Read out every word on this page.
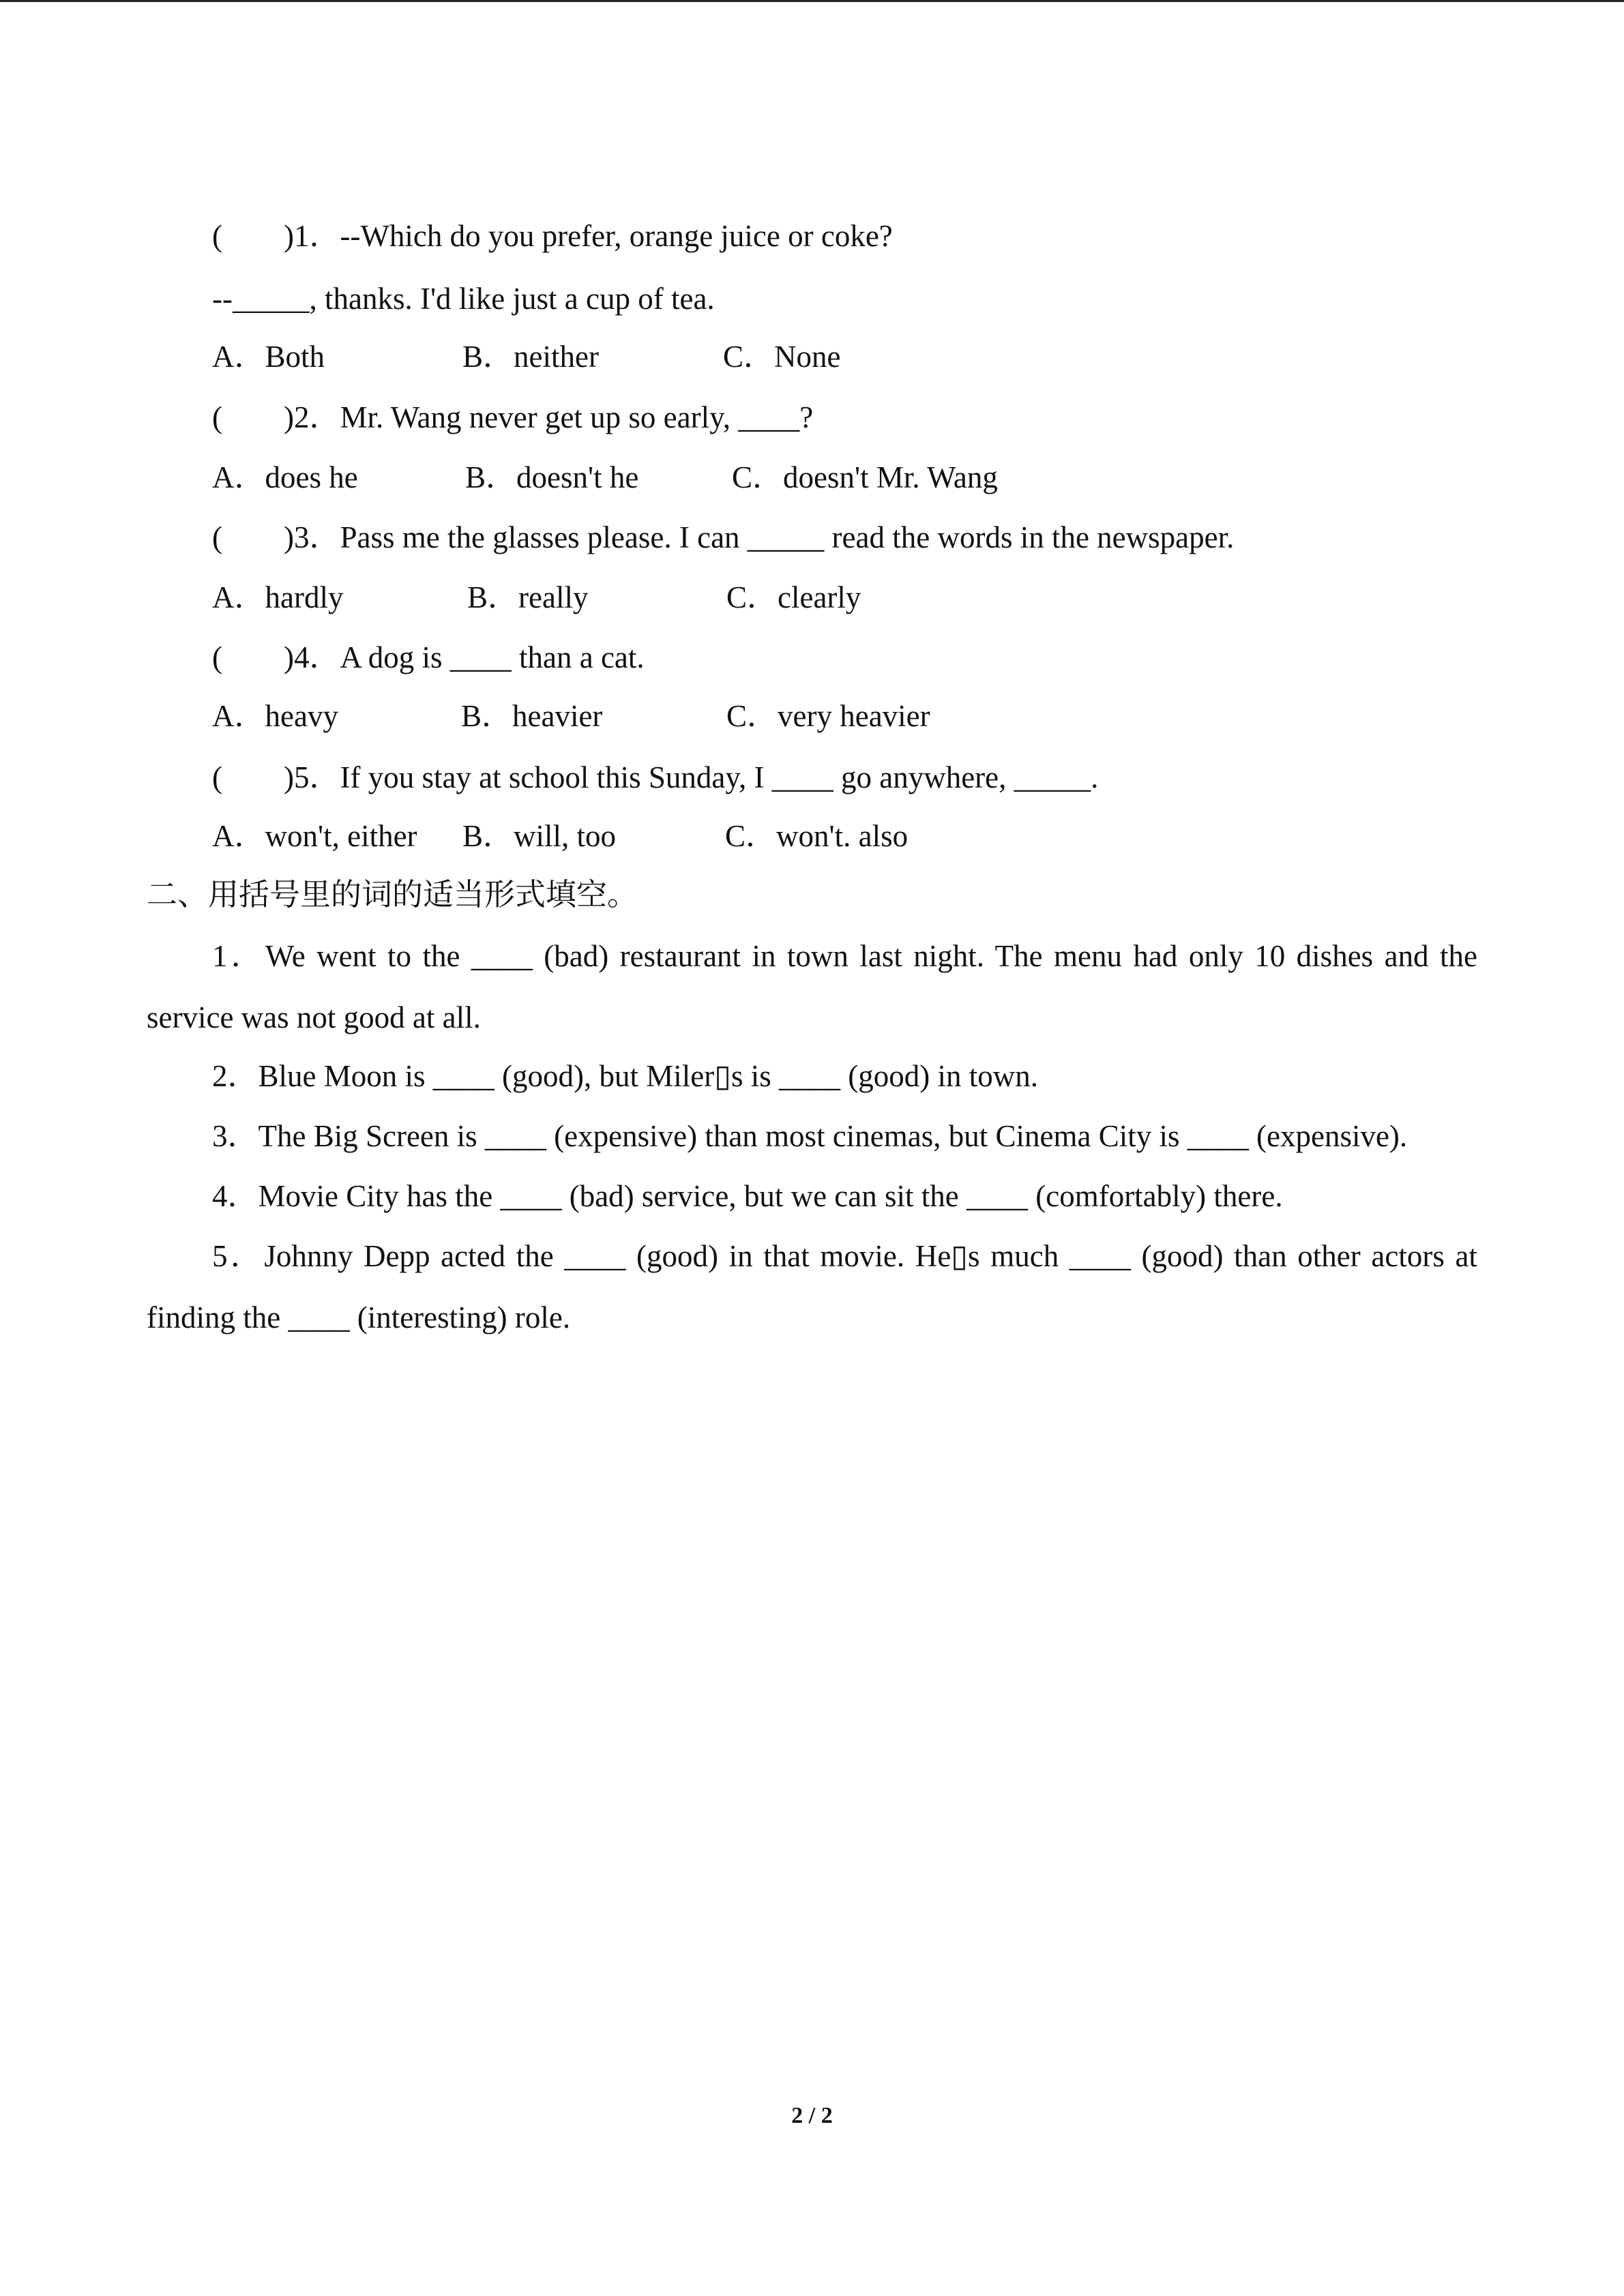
(　　)1．--Which do you prefer, orange juice or coke?
--_____, thanks. I'd like just a cup of tea.
A．Both	B．neither	C．None
(　　)2．Mr. Wang never get up so early, ____?
A．does he	B．doesn't he	C．doesn't Mr. Wang
(　　)3．Pass me the glasses please. I can _____ read the words in the newspaper.
A．hardly	B．really	C．clearly
(　　)4．A dog is ____ than a cat.
A．heavy	B．heavier	C．very heavier
(　　)5．If you stay at school this Sunday, I ____ go anywhere, _____.
A．won't, either B．will, too	C．won't. also
二、用括号里的词的适当形式填空。
1．We went to the ____ (bad) restaurant in town last night. The menu had only 10 dishes and the service was not good at all.
2．Blue Moon is ____ (good), but Miler▯s is ____ (good) in town.
3．The Big Screen is ____ (expensive) than most cinemas, but Cinema City is ____ (expensive).
4．Movie City has the ____ (bad) service, but we can sit the ____ (comfortably) there.
5．Johnny Depp acted the ____ (good) in that movie. He▯s much ____ (good) than other actors at finding the ____ (interesting) role.
2 / 2
